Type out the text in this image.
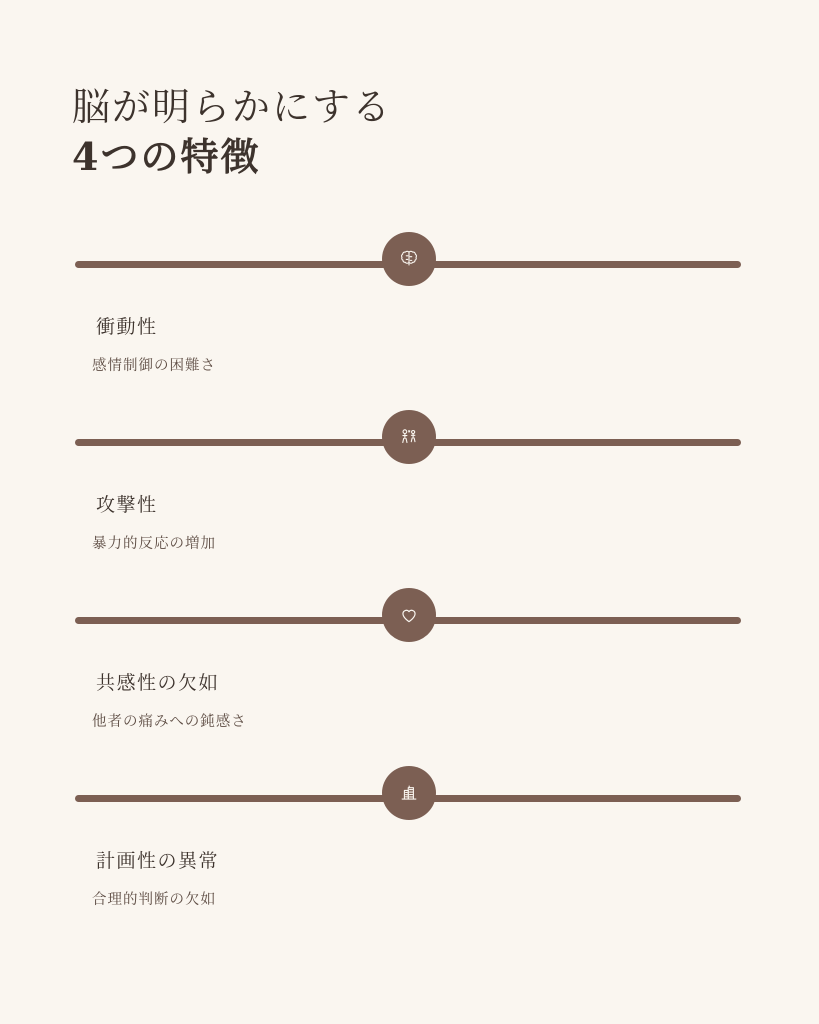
脳が明らかにする
4つの特徴
衝動性
感情制御の困難さ
攻撃性
暴力的反応の増加
共感性の欠如
他者の痛みへの鈍感さ
計画性の異常
合理的判断の欠如
